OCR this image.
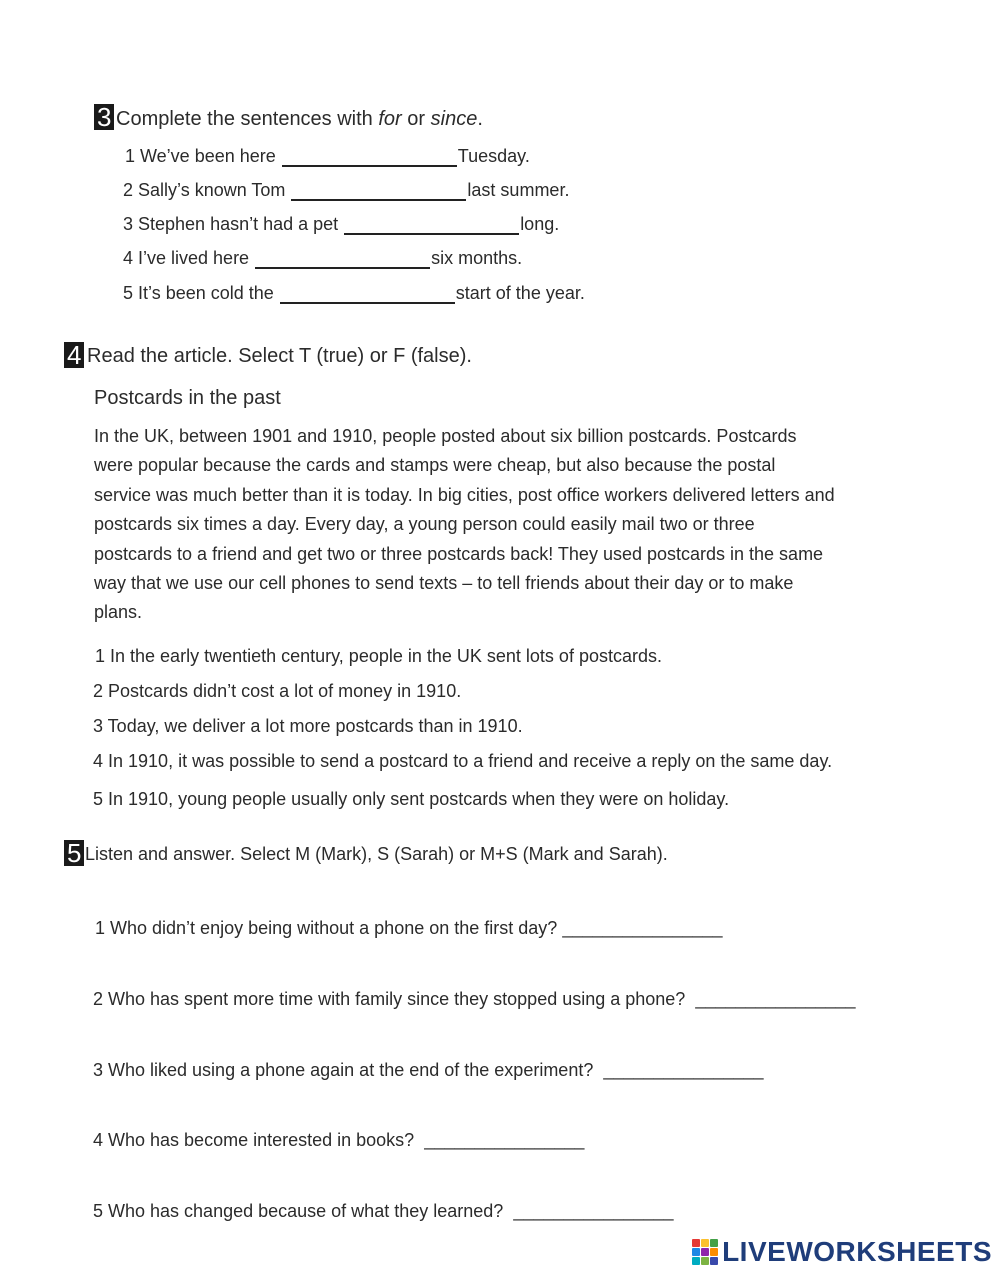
3 Complete the sentences with for or since.
1 We’ve been here	Tuesday.
2 Sally’s known Tom	last summer.
3 Stephen hasn’t had a pet	long.
4 I’ve lived here	six months.
5 It’s been cold the	start of the year.
4 Read the article. Select T (true) or F (false).
Postcards in the past
In the UK, between 1901 and 1910, people posted about six billion postcards. Postcards
were popular because the cards and stamps were cheap, but also because the postal
service was much better than it is today. In big cities, post office workers delivered letters and
postcards six times a day. Every day, a young person could easily mail two or three
postcards to a friend and get two or three postcards back! They used postcards in the same
way that we use our cell phones to send texts – to tell friends about their day or to make
plans.
1 In the early twentieth century, people in the UK sent lots of postcards.
2 Postcards didn’t cost a lot of money in 1910.
3 Today, we deliver a lot more postcards than in 1910.
4 In 1910, it was possible to send a postcard to a friend and receive a reply on the same day.
5 In 1910, young people usually only sent postcards when they were on holiday.
5 Listen and answer. Select M (Mark), S (Sarah) or M+S (Mark and Sarah).
1 Who didn’t enjoy being without a phone on the first day? ________________
2 Who has spent more time with family since they stopped using a phone? ________________
3 Who liked using a phone again at the end of the experiment? ________________
4 Who has become interested in books? ________________
5 Who has changed because of what they learned? ________________
LIVEWORKSHEETS
